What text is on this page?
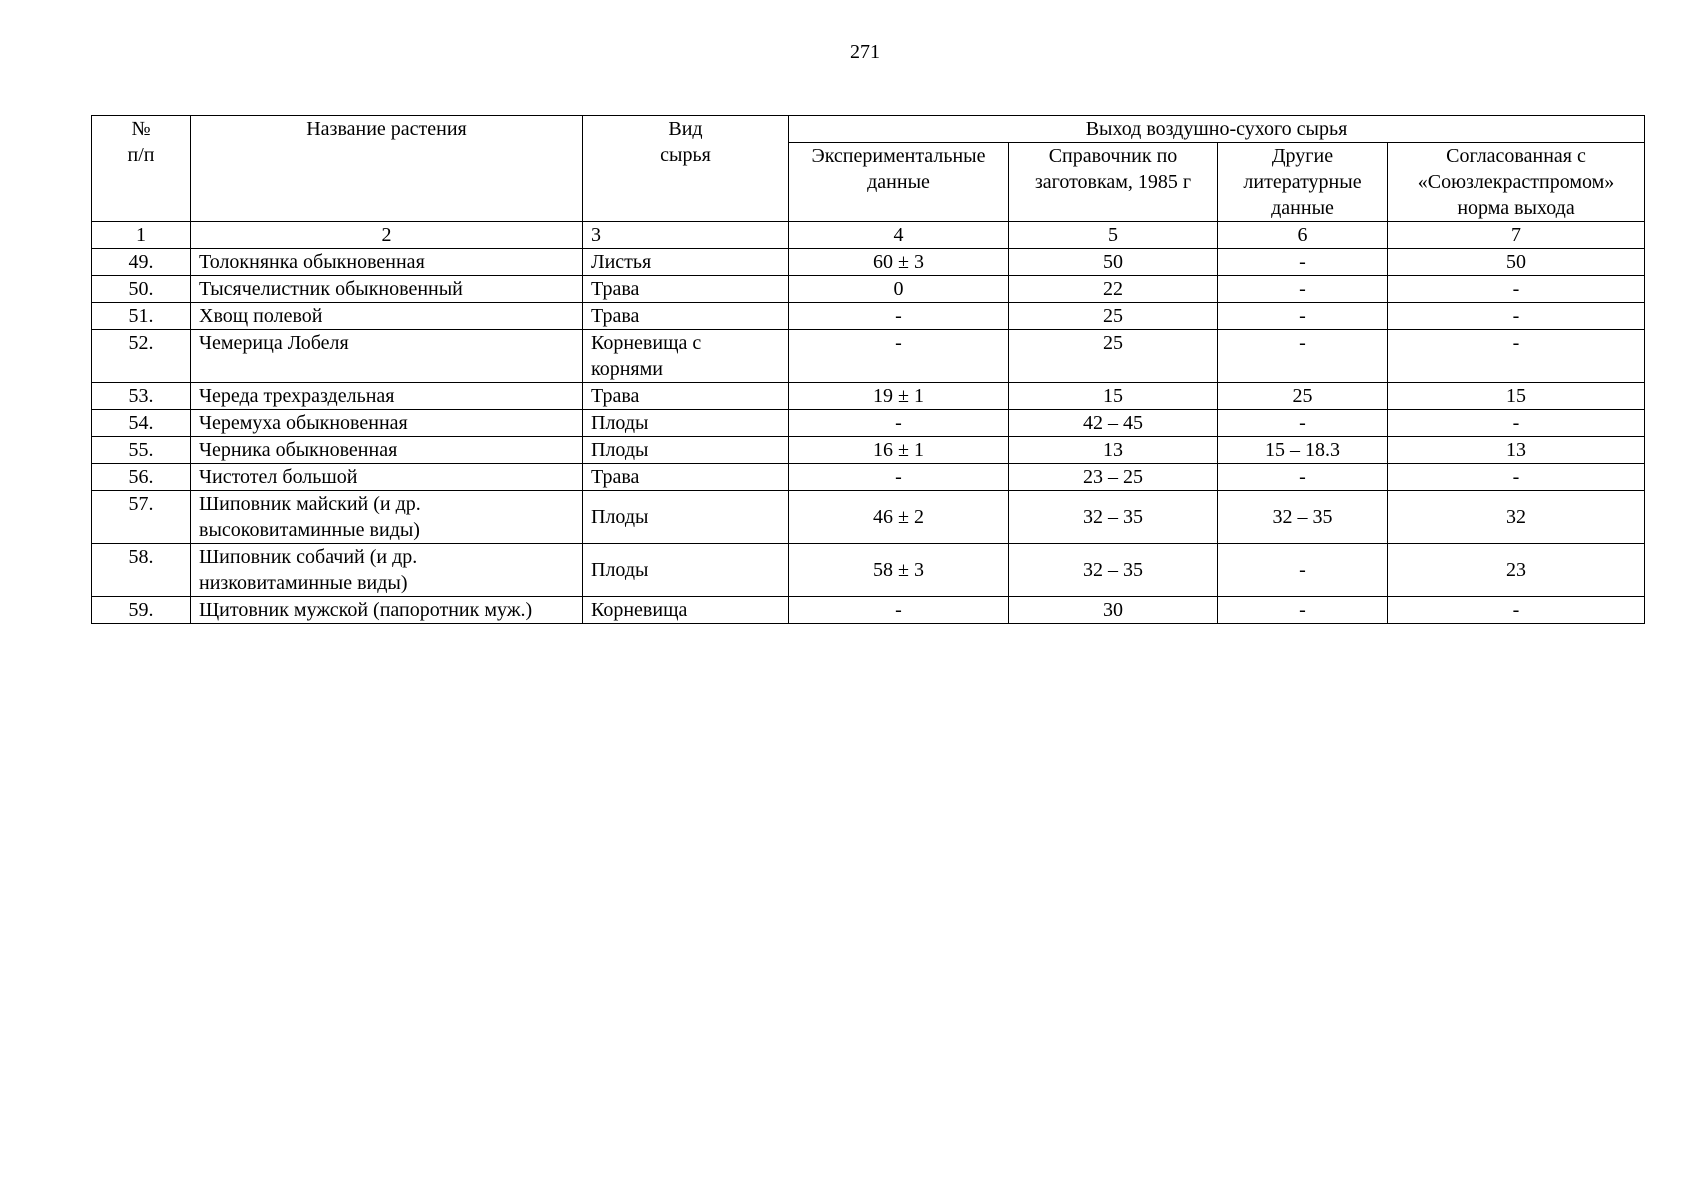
271
№ п/п	Название растения	Вид сырья	Выход воздушно-сухого сырья			
			Экспериментальные данные	Справочник по заготовкам, 1985 г	Другие литературные данные	Согласованная с «Союзлекрастпромом» норма выхода
1	2	3	4	5	6	7
49.	Толокнянка обыкновенная	Листья	60 ± 3	50	-	50
50.	Тысячелистник обыкновенный	Трава	0	22	-	-
51.	Хвощ полевой	Трава	-	25	-	-
52.	Чемерица Лобеля	Корневища с корнями	-	25	-	-
53.	Череда трехраздельная	Трава	19 ± 1	15	25	15
54.	Черемуха обыкновенная	Плоды	-	42 – 45	-	-
55.	Черника обыкновенная	Плоды	16 ± 1	13	15 – 18.3	13
56.	Чистотел большой	Трава	-	23 – 25	-	-
57.	Шиповник майский (и др. высоковитаминные виды)	Плоды	46 ± 2	32 – 35	32 – 35	32
58.	Шиповник собачий (и др. низковитаминные виды)	Плоды	58 ± 3	32 – 35	-	23
59.	Щитовник мужской (папоротник муж.)	Корневища	-	30	-	-
